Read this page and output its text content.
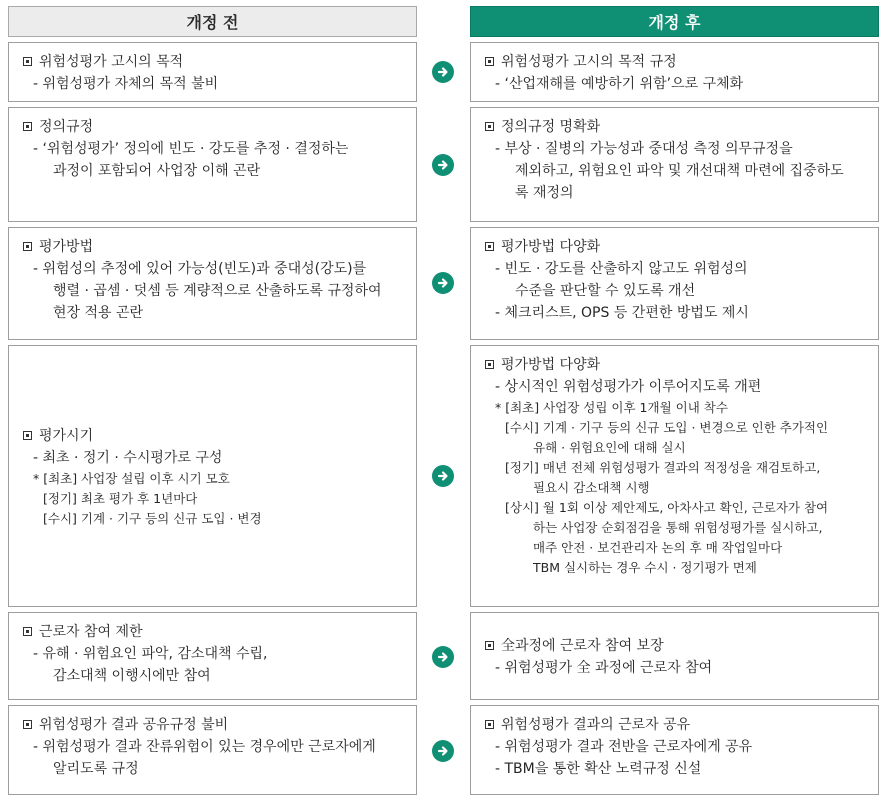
개정 전	개정 후
위험성평가 고시의 목적
- 위험성평가 자체의 목적 불비
위험성평가 고시의 목적 규정
- ‘산업재해를 예방하기 위함’으로 구체화
정의규정
- ‘위험성평가’ 정의에 빈도 · 강도를 추정 · 결정하는
과정이 포함되어 사업장 이해 곤란
정의규정 명확화
- 부상 · 질병의 가능성과 중대성 측정 의무규정을
제외하고, 위험요인 파악 및 개선대책 마련에 집중하도
록 재정의
평가방법
- 위험성의 추정에 있어 가능성(빈도)과 중대성(강도)를
행렬 · 곱셈 · 덧셈 등 계량적으로 산출하도록 규정하여
현장 적용 곤란
평가방법 다양화
- 빈도 · 강도를 산출하지 않고도 위험성의
수준을 판단할 수 있도록 개선
- 체크리스트, OPS 등 간편한 방법도 제시
평가시기
- 최초 · 정기 · 수시평가로 구성
* [최초] 사업장 설립 이후 시기 모호
[정기] 최초 평가 후 1년마다
[수시] 기계 · 기구 등의 신규 도입 · 변경
평가방법 다양화
- 상시적인 위험성평가가 이루어지도록 개편
* [최초] 사업장 성립 이후 1개월 이내 착수
[수시] 기계 · 기구 등의 신규 도입 · 변경으로 인한 추가적인
유해 · 위험요인에 대해 실시
[정기] 매년 전체 위험성평가 결과의 적정성을 재검토하고,
필요시 감소대책 시행
[상시] 월 1회 이상 제안제도, 아차사고 확인, 근로자가 참여
하는 사업장 순회점검을 통해 위험성평가를 실시하고,
매주 안전 · 보건관리자 논의 후 매 작업일마다
TBM 실시하는 경우 수시 · 정기평가 면제
근로자 참여 제한
- 유해 · 위험요인 파악, 감소대책 수립,
감소대책 이행시에만 참여
全과정에 근로자 참여 보장
- 위험성평가 全 과정에 근로자 참여
위험성평가 결과 공유규정 불비
- 위험성평가 결과 잔류위험이 있는 경우에만 근로자에게
알리도록 규정
위험성평가 결과의 근로자 공유
- 위험성평가 결과 전반을 근로자에게 공유
- TBM을 통한 확산 노력규정 신설
